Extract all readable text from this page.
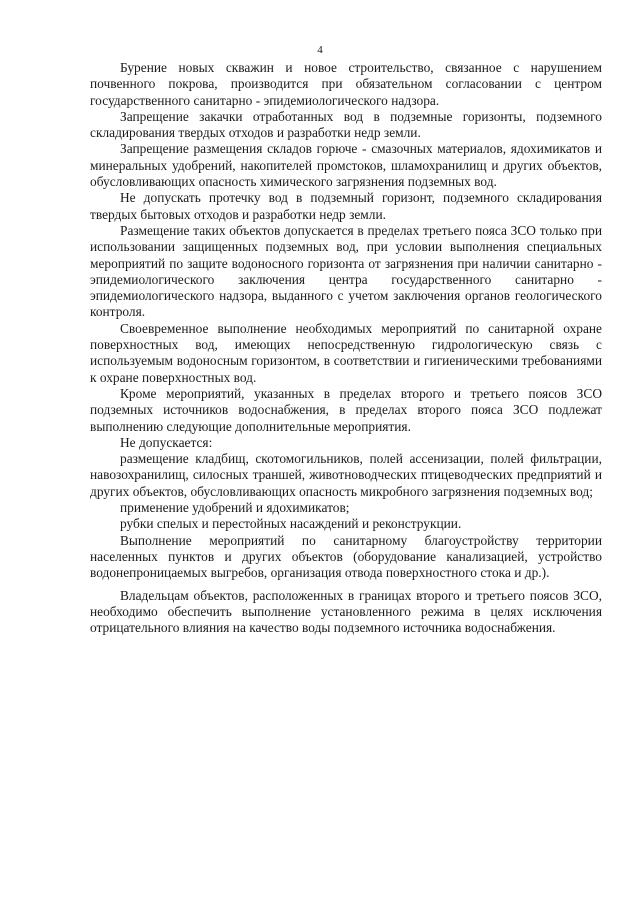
4

Бурение новых скважин и новое строительство, связанное с нарушением почвенного покрова, производится при обязательном согласовании с центром государственного санитарно - эпидемиологического надзора.

Запрещение закачки отработанных вод в подземные горизонты, подземного складирования твердых отходов и разработки недр земли.

Запрещение размещения складов горюче - смазочных материалов, ядохимикатов и минеральных удобрений, накопителей промстоков, шламохранилищ и других объектов, обусловливающих опасность химического загрязнения подземных вод.

Не допускать протечку вод в подземный горизонт, подземного складирования твердых бытовых отходов и разработки недр земли.

Размещение таких объектов допускается в пределах третьего пояса ЗСО только при использовании защищенных подземных вод, при условии выполнения специальных мероприятий по защите водоносного горизонта от загрязнения при наличии санитарно - эпидемиологического заключения центра государственного санитарно - эпидемиологического надзора, выданного с учетом заключения органов геологического контроля.

Своевременное выполнение необходимых мероприятий по санитарной охране поверхностных вод, имеющих непосредственную гидрологическую связь с используемым водоносным горизонтом, в соответствии и гигиеническими требованиями к охране поверхностных вод.

Кроме мероприятий, указанных в пределах второго и третьего поясов ЗСО подземных источников водоснабжения, в пределах второго пояса ЗСО подлежат выполнению следующие дополнительные мероприятия.

Не допускается:

размещение кладбищ, скотомогильников, полей ассенизации, полей фильтрации, навозохранилищ, силосных траншей, животноводческих птицеводческих предприятий и других объектов, обусловливающих опасность микробного загрязнения подземных вод;

применение удобрений и ядохимикатов;

рубки спелых и перестойных насаждений и реконструкции.

Выполнение мероприятий по санитарному благоустройству территории населенных пунктов и других объектов (оборудование канализацией, устройство водонепроницаемых выгребов, организация отвода поверхностного стока и др.).

Владельцам объектов, расположенных в границах второго и третьего поясов ЗСО, необходимо обеспечить выполнение установленного режима в целях исключения отрицательного влияния на качество воды подземного источника водоснабжения.
